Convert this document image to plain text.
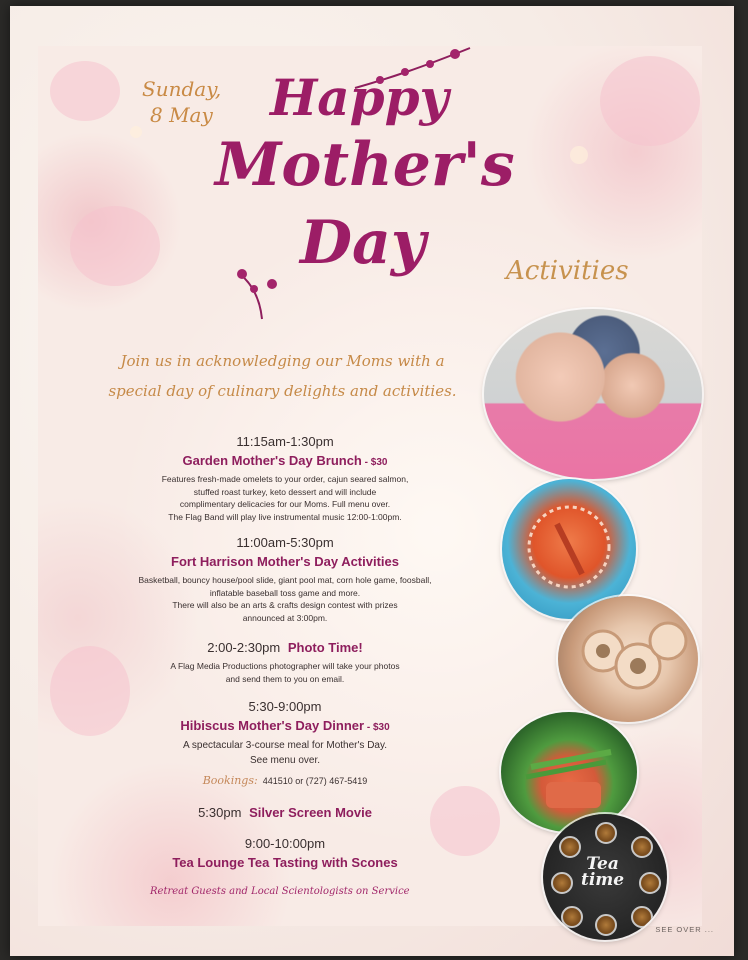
Sunday,
8 May	Happy
Mother's
Day	Activities
Join us in acknowledging our Moms with a
special day of culinary delights and activities.
11:15am-1:30pm
Garden Mother's Day Brunch - $30
Features fresh-made omelets to your order, cajun seared salmon,
stuffed roast turkey, keto dessert and will include
complimentary delicacies for our Moms. Full menu over.
The Flag Band will play live instrumental music 12:00-1:00pm.
11:00am-5:30pm
Fort Harrison Mother's Day Activities
Basketball, bouncy house/pool slide, giant pool mat, corn hole game, foosball,
inflatable baseball toss game and more.
There will also be an arts & crafts design contest with prizes
announced at 3:00pm.
2:00-2:30pm Photo Time!
A Flag Media Productions photographer will take your photos
and send them to you on email.
5:30-9:00pm
Hibiscus Mother's Day Dinner - $30
A spectacular 3-course meal for Mother's Day.
See menu over.
Bookings: 441510 or (727) 467-5419
5:30pm Silver Screen Movie
9:00-10:00pm
Tea Lounge Tea Tasting with Scones
Retreat Guests and Local Scientologists on Service
SEE OVER ...
Tea
time
